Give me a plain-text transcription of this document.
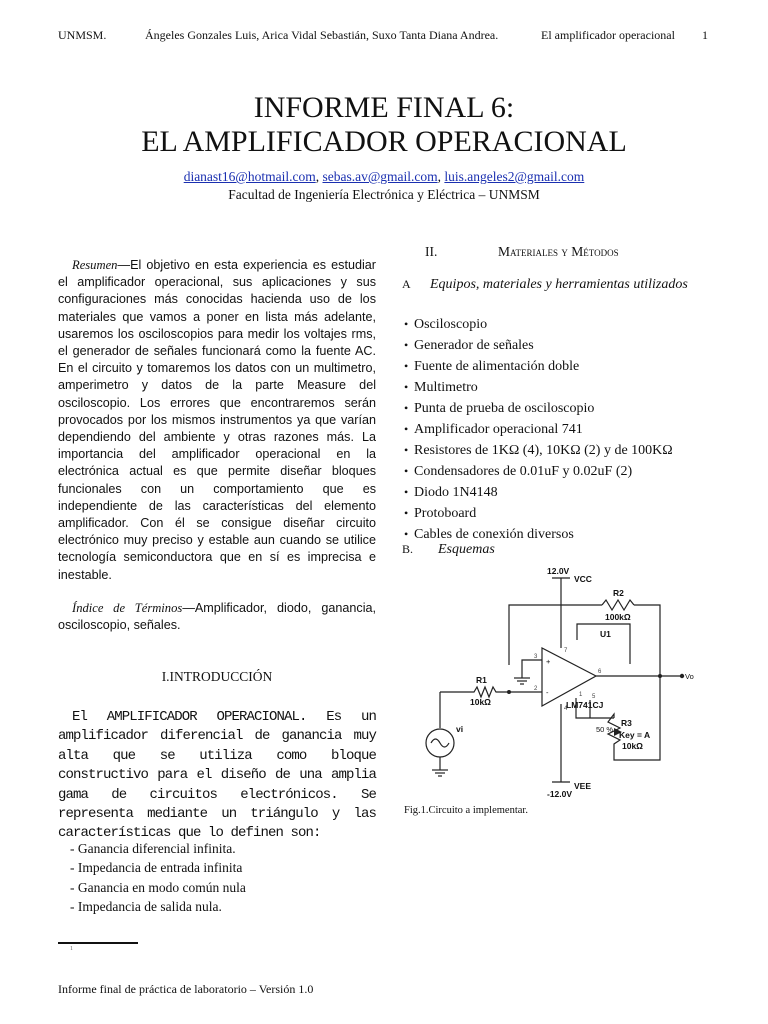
UNMSM.	Ángeles Gonzales Luis, Arica Vidal Sebastián, Suxo Tanta Diana Andrea.	El amplificador operacional 1
INFORME FINAL 6:
EL AMPLIFICADOR OPERACIONAL
dianast16@hotmail.com, sebas.av@gmail.com, luis.angeles2@gmail.com
Facultad de Ingeniería Electrónica y Eléctrica – UNMSM
Resumen—El objetivo en esta experiencia es estudiar el amplificador operacional, sus aplicaciones y sus configuraciones más conocidas hacienda uso de los materiales que vamos a poner en lista más adelante, usaremos los osciloscopios para medir los voltajes rms, el generador de señales funcionará como la fuente AC. En el circuito y tomaremos los datos con un multimetro, amperimetro y datos de la parte Measure del osciloscopio. Los errores que encontraremos serán provocados por los mismos instrumentos ya que varían dependiendo del ambiente y otras razones más. La importancia del amplificador operacional en la electrónica actual es que permite diseñar bloques funcionales con un comportamiento que es independiente de las características del elemento amplificador. Con él se consigue diseñar circuito electrónico muy preciso y estable aun cuando se utilice tecnología semiconductora que en sí es imprecisa e inestable.
Índice de Términos—Amplificador, diodo, ganancia, osciloscopio, señales.
I.INTRODUCCIÓN
El AMPLIFICADOR OPERACIONAL. Es un amplificador diferencial de ganancia muy alta que se utiliza como bloque constructivo para el diseño de una amplia gama de circuitos electrónicos. Se representa mediante un triángulo y las características que lo definen son:
- Ganancia diferencial infinita.
- Impedancia de entrada infinita
- Ganancia en modo común nula
- Impedancia de salida nula.
1
Informe final de práctica de laboratorio – Versión 1.0
II.	Materiales y Métodos
A Equipos, materiales y herramientas utilizados
• Osciloscopio
• Generador de señales
• Fuente de alimentación doble
• Multimetro
• Punta de prueba de osciloscopio
• Amplificador operacional 741
• Resistores de 1KΩ (4), 10KΩ (2) y de 100KΩ
• Condensadores de 0.01uF y 0.02uF (2)
• Diodo 1N4148
• Protoboard
• Cables de conexión diversos
B. Esquemas
12.0V
VCC
R2
100kΩ
U1
R1
10kΩ	LM741CJ
vi
R3
Key = A
10kΩ
VEE
-12.0V
50 %
Vo
+
-
3
2
7
4
6
5
1
Fig.1.Circuito a implementar.
